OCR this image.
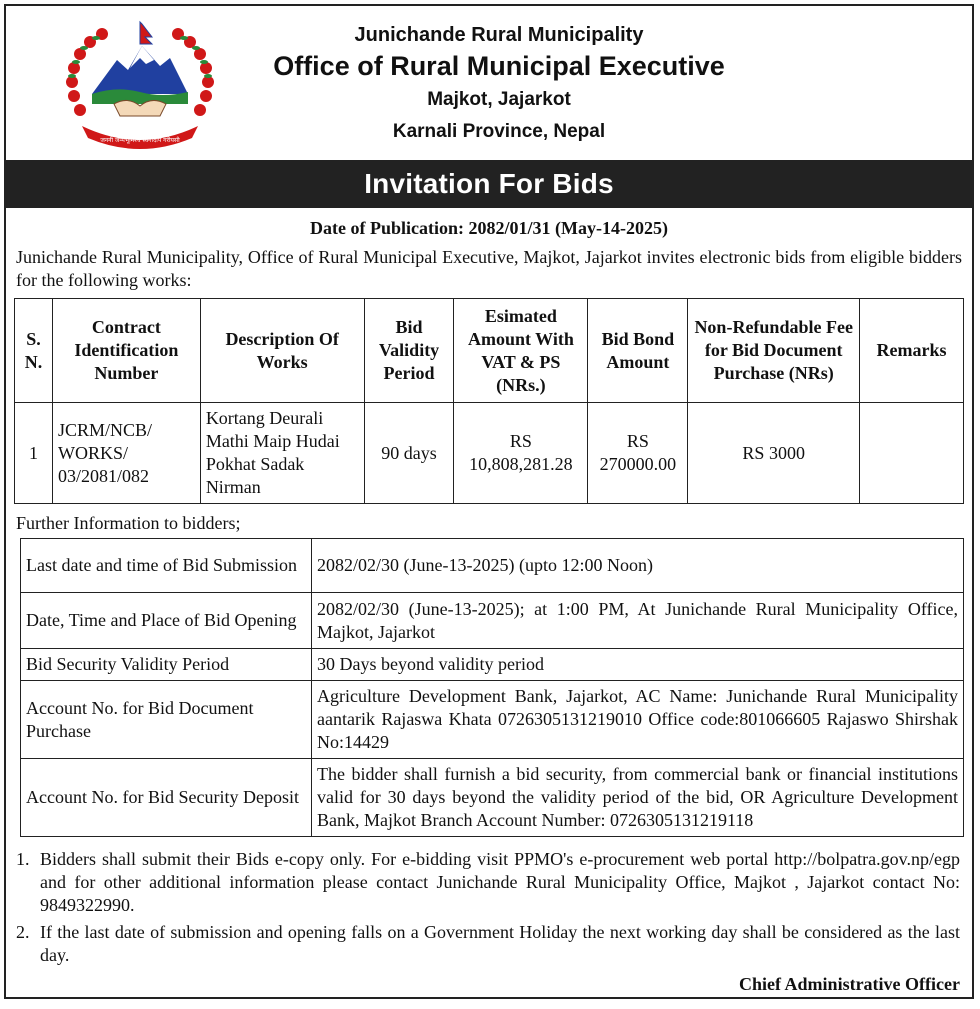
जननी जन्मभूमिश्च स्वर्गादपि गरीयसी
Junichande Rural Municipality
Office of Rural Municipal Executive
Majkot, Jajarkot
Karnali Province, Nepal
Invitation For Bids
Date of Publication: 2082/01/31 (May-14-2025)
Junichande Rural Municipality, Office of Rural Municipal Executive, Majkot, Jajarkot invites electronic bids from eligible bidders for the following works:
S. N.	Contract Identification Number	Description Of Works	Bid Validity Period	Esimated Amount With VAT & PS (NRs.)	Bid Bond Amount	Non-Refundable Fee for Bid Document Purchase (NRs)	Remarks
1	JCRM/NCB/ WORKS/ 03/2081/082	Kortang Deurali Mathi Maip Hudai Pokhat Sadak Nirman	90 days	RS 10,808,281.28	RS 270000.00	RS 3000	
Further Information to bidders;
Last date and time of Bid Submission	2082/02/30 (June-13-2025) (upto 12:00 Noon)
Date, Time and Place of Bid Opening	2082/02/30 (June-13-2025); at 1:00 PM, At Junichande Rural Municipality Office, Majkot, Jajarkot
Bid Security Validity Period	30 Days beyond validity period
Account No. for Bid Document Purchase	Agriculture Development Bank, Jajarkot, AC Name: Junichande Rural Municipality aantarik Rajaswa Khata 0726305131219010 Office code:801066605 Rajaswo Shirshak No:14429
Account No. for Bid Security Deposit	The bidder shall furnish a bid security, from commercial bank or financial institutions valid for 30 days beyond the validity period of the bid, OR Agriculture Development Bank, Majkot Branch Account Number: 0726305131219118
1. Bidders shall submit their Bids e-copy only. For e-bidding visit PPMO's e-procurement web portal http://bolpatra.gov.np/egp and for other additional information please contact Junichande Rural Municipality Office, Majkot , Jajarkot contact No: 9849322990.
2. If the last date of submission and opening falls on a Government Holiday the next working day shall be considered as the last day.
Chief Administrative Officer
